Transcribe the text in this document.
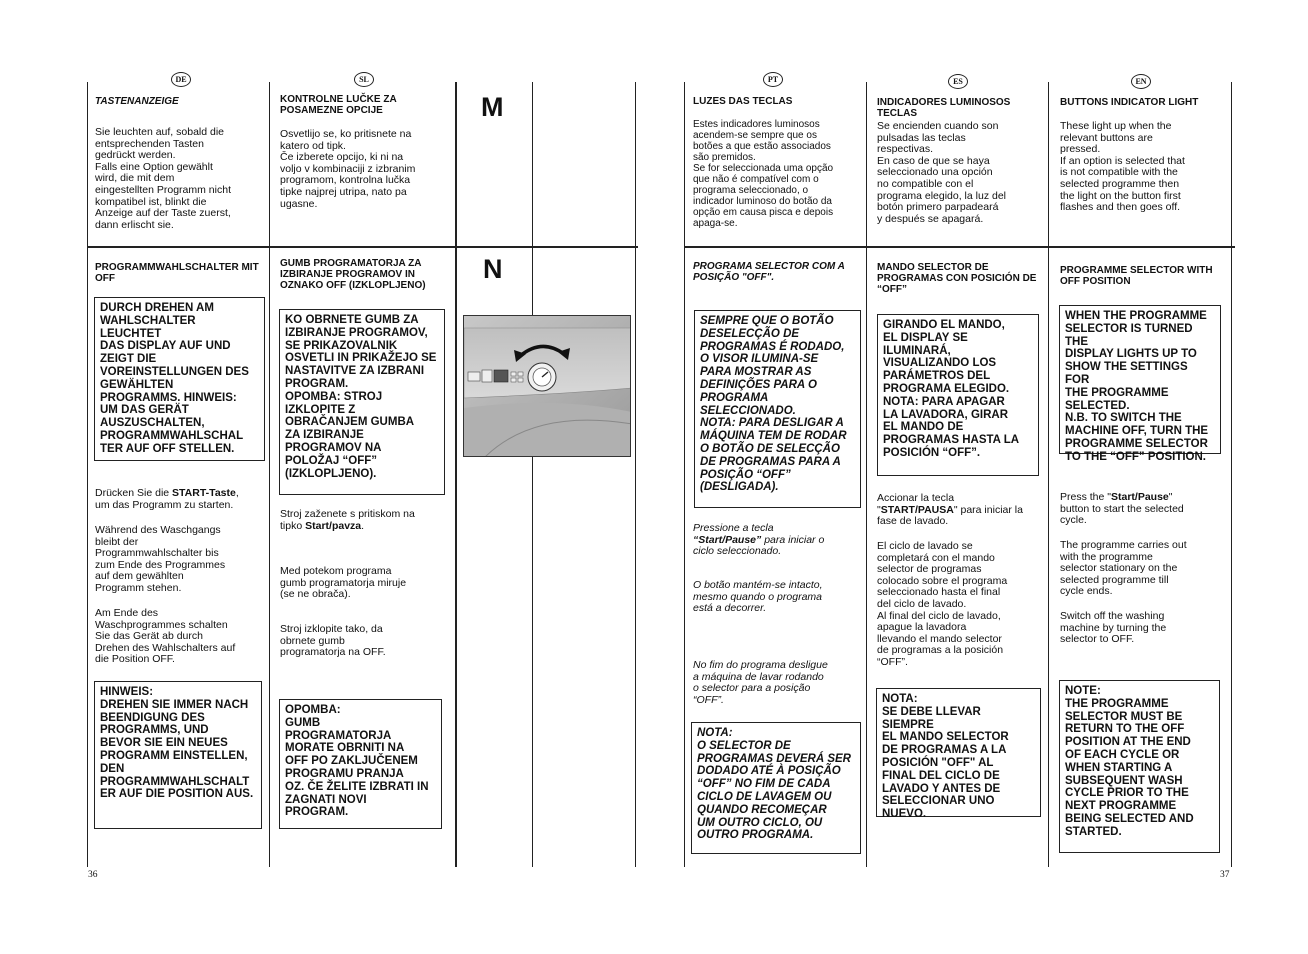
DE	SL	PT	ES	EN
M
N
TASTENANZEIGE
Sie leuchten auf, sobald die
entsprechenden Tasten
gedrückt werden.
Falls eine Option gewählt
wird, die mit dem
eingestellten Programm nicht
kompatibel ist, blinkt die
Anzeige auf der Taste zuerst,
dann erlischt sie.
PROGRAMMWAHLSCHALTER MIT OFF
DURCH DREHEN AM
WAHLSCHALTER LEUCHTET
DAS DISPLAY AUF UND
ZEIGT DIE
VOREINSTELLUNGEN DES
GEWÄHLTEN
PROGRAMMS. HINWEIS:
UM DAS GERÄT
AUSZUSCHALTEN,
PROGRAMMWAHLSCHAL
TER AUF OFF STELLEN.
Drücken Sie die START-Taste,
um das Programm zu starten.
Während des Waschgangs
bleibt der
Programmwahlschalter bis
zum Ende des Programmes
auf dem gewählten
Programm stehen.
Am Ende des
Waschprogrammes schalten
Sie das Gerät ab durch
Drehen des Wahlschalters auf
die Position OFF.
HINWEIS:
DREHEN SIE IMMER NACH
BEENDIGUNG DES
PROGRAMMS, UND
BEVOR SIE EIN NEUES
PROGRAMM EINSTELLEN,
DEN
PROGRAMMWAHLSCHALT
ER AUF DIE POSITION AUS.
KONTROLNE LUČKE ZA POSAMEZNE OPCIJE
Osvetlijo se, ko pritisnete na
katero od tipk.
Če izberete opcijo, ki ni na
voljo v kombinaciji z izbranim
programom, kontrolna lučka
tipke najprej utripa, nato pa
ugasne.
GUMB PROGRAMATORJA ZA IZBIRANJE PROGRAMOV IN OZNAKO OFF (IZKLOPLJENO)
KO OBRNETE GUMB ZA
IZBIRANJE PROGRAMOV,
SE PRIKAZOVALNIK
OSVETLI IN PRIKAŽEJO SE
NASTAVITVE ZA IZBRANI
PROGRAM.
OPOMBA: STROJ
IZKLOPITE Z
OBRAČANJEM GUMBA
ZA IZBIRANJE
PROGRAMOV NA
POLOŽAJ “OFF”
(IZKLOPLJENO).
Stroj zaženete s pritiskom na
tipko Start/pavza.
Med potekom programa
gumb programatorja miruje
(se ne obrača).
Stroj izklopite tako, da
obrnete gumb
programatorja na OFF.
OPOMBA:
GUMB
PROGRAMATORJA
MORATE OBRNITI NA
OFF PO ZAKLJUČENEM
PROGRAMU PRANJA
OZ. ČE ŽELITE IZBRATI IN
ZAGNATI NOVI
PROGRAM.
LUZES DAS TECLAS
Estes indicadores luminosos
acendem-se sempre que os
botões a que estão associados
são premidos.
Se for seleccionada uma opção
que não é compatível com o
programa seleccionado, o
indicador luminoso do botão da
opção em causa pisca e depois
apaga-se.
PROGRAMA SELECTOR COM A POSIÇÃO "OFF".
SEMPRE QUE O BOTÃO
DESELECÇÃO DE
PROGRAMAS É RODADO,
O VISOR ILUMINA-SE
PARA MOSTRAR AS
DEFINIÇÕES PARA O
PROGRAMA
SELECCIONADO.
NOTA: PARA DESLIGAR A
MÁQUINA TEM DE RODAR
O BOTÃO DE SELECÇÃO
DE PROGRAMAS PARA A
POSIÇÃO “OFF”
(DESLIGADA).
Pressione a tecla
“Start/Pause” para iniciar o
ciclo seleccionado.
O botão mantém-se intacto,
mesmo quando o programa
está a decorrer.
No fim do programa desligue
a máquina de lavar rodando
o selector para a posição
“OFF”.
NOTA:
O SELECTOR DE
PROGRAMAS DEVERÁ SER
DODADO ATÉ À POSIÇÃO
“OFF” NO FIM DE CADA
CICLO DE LAVAGEM OU
QUANDO RECOMEÇAR
UM OUTRO CICLO, OU
OUTRO PROGRAMA.
INDICADORES LUMINOSOS TECLAS
Se encienden cuando son
pulsadas las teclas
respectivas.
En caso de que se haya
seleccionado una opción
no compatible con el
programa elegido, la luz del
botón primero parpadeará
y después se apagará.
MANDO SELECTOR DE PROGRAMAS CON POSICIÓN DE “OFF”
GIRANDO EL MANDO,
EL DISPLAY SE
ILUMINARÁ,
VISUALIZANDO LOS
PARÁMETROS DEL
PROGRAMA ELEGIDO.
NOTA: PARA APAGAR
LA LAVADORA, GIRAR
EL MANDO DE
PROGRAMAS HASTA LA
POSICIÓN “OFF”.
Accionar la tecla
"START/PAUSA" para iniciar la
fase de lavado.
El ciclo de lavado se
completará con el mando
selector de programas
colocado sobre el programa
seleccionado hasta el final
del ciclo de lavado.
Al final del ciclo de lavado,
apague la lavadora
llevando el mando selector
de programas a la posición
“OFF”.
NOTA:
SE DEBE LLEVAR SIEMPRE
EL MANDO SELECTOR
DE PROGRAMAS A LA
POSICIÓN "OFF" AL
FINAL DEL CICLO DE
LAVADO Y ANTES DE
SELECCIONAR UNO
NUEVO.
BUTTONS INDICATOR LIGHT
These light up when the
relevant buttons are
pressed.
If an option is selected that
is not compatible with the
selected programme then
the light on the button first
flashes and then goes off.
PROGRAMME SELECTOR WITH OFF POSITION
WHEN THE PROGRAMME
SELECTOR IS TURNED THE
DISPLAY LIGHTS UP TO
SHOW THE SETTINGS FOR
THE PROGRAMME
SELECTED.
N.B. TO SWITCH THE
MACHINE OFF, TURN THE
PROGRAMME SELECTOR
TO THE “OFF” POSITION.
Press the "Start/Pause"
button to start the selected
cycle.
The programme carries out
with the programme
selector stationary on the
selected programme till
cycle ends.
Switch off the washing
machine by turning the
selector to OFF.
NOTE:
THE PROGRAMME
SELECTOR MUST BE
RETURN TO THE OFF
POSITION AT THE END
OF EACH CYCLE OR
WHEN STARTING A
SUBSEQUENT WASH
CYCLE PRIOR TO THE
NEXT PROGRAMME
BEING SELECTED AND
STARTED.
36	37
